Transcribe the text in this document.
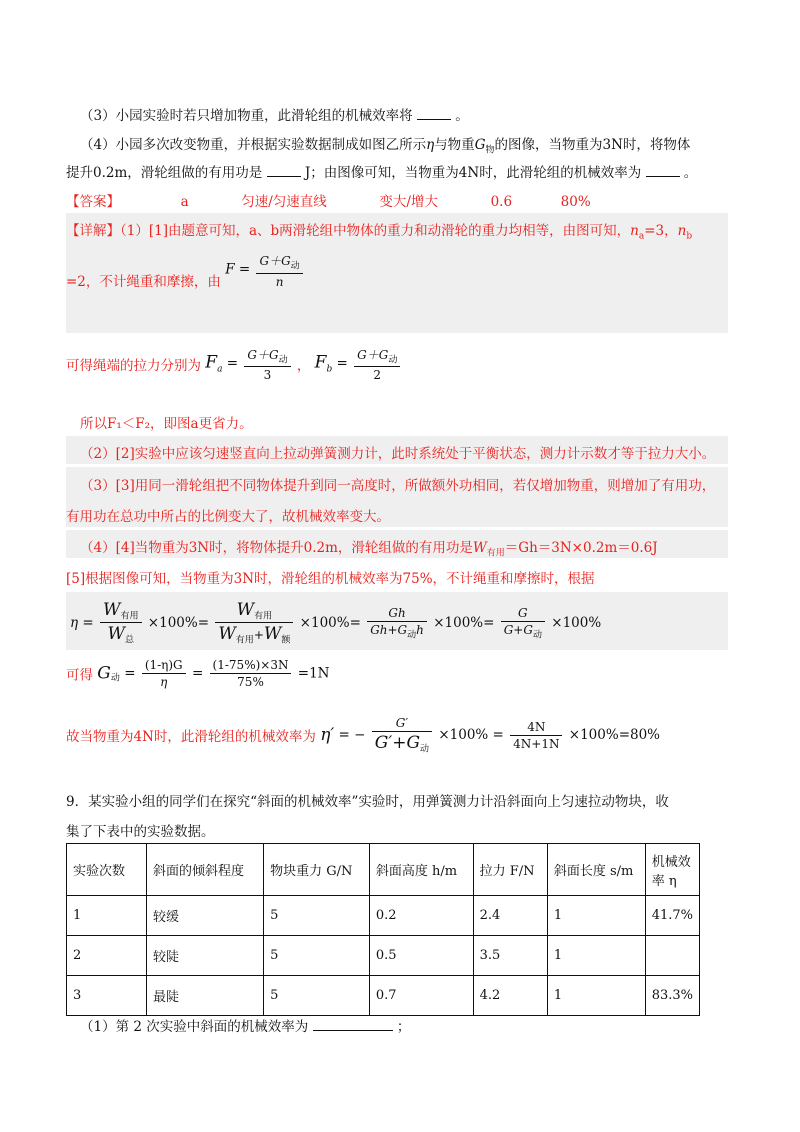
（3）小园实验时若只增加物重，此滑轮组的机械效率将	。
（4）小园多次改变物重，并根据实验数据制成如图乙所示η与物重$G_物$的图像，当物重为3N时，将物体
提升0.2m，滑轮组做的有用功是	J；由图像可知，当物重为4N时，此滑轮组的机械效率为	。
【答案】	a	匀速/匀速直线	变大/增大	0.6	80%
【详解】（1）[1]由题意可知，a、b两滑轮组中物体的重力和动滑轮的重力均相等，由图可知，$n_a=3$，$n_b$
=2，不计绳重和摩擦，由 $F = \frac{G+G_动}{n}$
可得绳端的拉力分别为 $F_a = \frac{G+G_动}{3}$ ， $F_b = \frac{G+G_动}{2}$
所以F₁＜F₂，即图a更省力。
（2）[2]实验中应该匀速竖直向上拉动弹簧测力计，此时系统处于平衡状态，测力计示数才等于拉力大小。
（3）[3]用同一滑轮组把不同物体提升到同一高度时，所做额外功相同，若仅增加物重，则增加了有用功，
有用功在总功中所占的比例变大了，故机械效率变大。
（4）[4]当物重为3N时，将物体提升0.2m，滑轮组做的有用功是$W_{有用}=Gh=3N\times 0.2m=0.6J$
[5]根据图像可知，当物重为3N时，滑轮组的机械效率为75%，不计绳重和摩擦时，根据
$\eta = \frac{W_{有用}}{W_总} \times 100\%= \frac{W_{有用}}{W_{有用}+W_额} \times 100\%= \frac{Gh}{Gh+G_动h} \times 100\%= \frac{G}{G+G_动} \times 100\%$
可得 $G_动 = \frac{(1-\eta)G}{\eta} = \frac{(1-75\%)\times 3N}{75\%} =1N$
故当物重为4N时，此滑轮组的机械效率为 η′ = − $\frac{G'}{G'+G_动} \times 100\% = \frac{4N}{4N+1N} \times 100\%=80\%$
9．某实验小组的同学们在探究“斜面的机械效率”实验时，用弹簧测力计沿斜面向上匀速拉动物块，收
集了下表中的实验数据。
实验次数	斜面的倾斜程度	物块重力 G/N	斜面高度 h/m	拉力 F/N	斜面长度 s/m	机械效率 η
1	较缓	5	0.2	2.4	1	41.7%
2	较陡	5	0.5	3.5	1	
3	最陡	5	0.7	4.2	1	83.3%
（1）第 2 次实验中斜面的机械效率为	；
